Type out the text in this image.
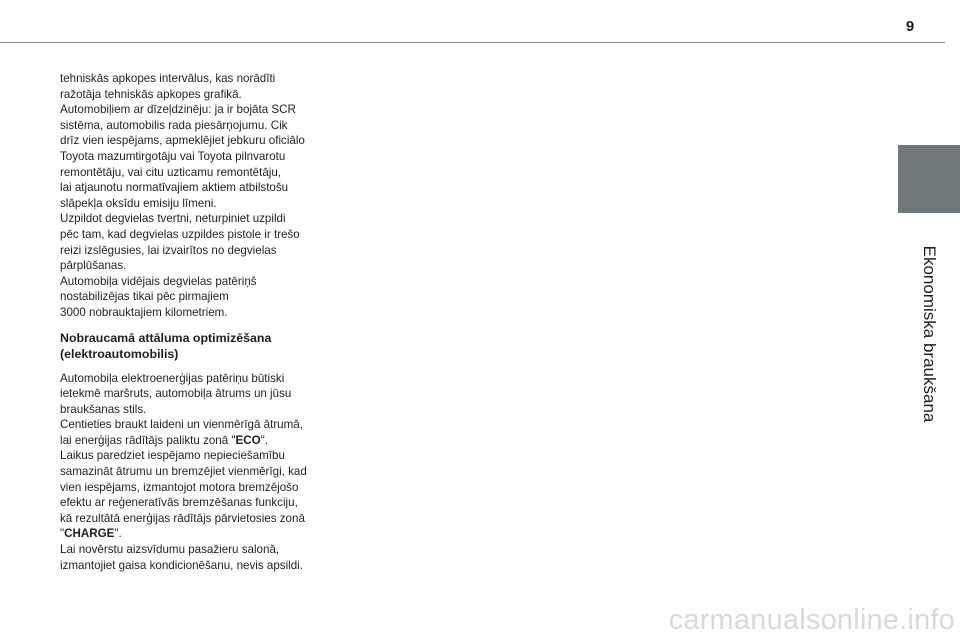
9
Ekonomiska braukšana

tehniskās apkopes intervālus, kas norādīti
ražotāja tehniskās apkopes grafikā.
Automobiļiem ar dīzeļdzinēju: ja ir bojāta SCR
sistēma, automobilis rada piesārņojumu. Cik
drīz vien iespējams, apmeklējiet jebkuru oficiālo
Toyota mazumtirgotāju vai Toyota pilnvarotu
remontētāju, vai citu uzticamu remontētāju,
lai atjaunotu normatīvajiem aktiem atbilstošu
slāpekļa oksīdu emisiju līmeni.
Uzpildot degvielas tvertni, neturpiniet uzpildi
pēc tam, kad degvielas uzpildes pistole ir trešo
reizi izslēgusies, lai izvairītos no degvielas
pārplūšanas.
Automobiļa vidējais degvielas patēriņš
nostabilizējas tikai pēc pirmajiem
3000 nobrauktajiem kilometriem.

Nobraucamā attāluma optimizēšana
(elektroautomobilis)

Automobiļa elektroenerģijas patēriņu būtiski
ietekmē maršruts, automobiļa ātrums un jūsu
braukšanas stils.
Centieties braukt laideni un vienmērīgā ātrumā,
lai enerģijas rādītājs paliktu zonā "ECO".
Laikus paredziet iespējamo nepieciešamību
samazināt ātrumu un bremzējiet vienmērīgi, kad
vien iespējams, izmantojot motora bremzējošo
efektu ar reģeneratīvās bremzēšanas funkciju,
kā rezultātā enerģijas rādītājs pārvietosies zonā
"CHARGE".
Lai novērstu aizsvīdumu pasažieru salonā,
izmantojiet gaisa kondicionēšanu, nevis apsildi.

carmanualsonline.info
